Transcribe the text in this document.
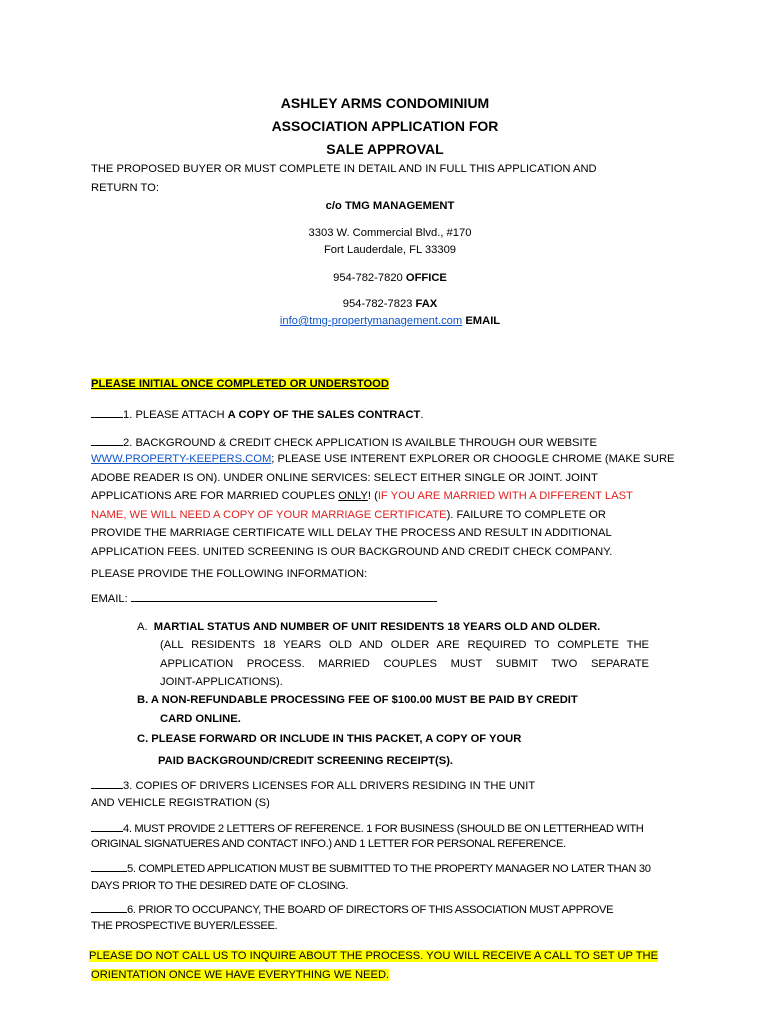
ASHLEY ARMS CONDOMINIUM
ASSOCIATION APPLICATION FOR
SALE APPROVAL
THE PROPOSED BUYER OR MUST COMPLETE IN DETAIL AND IN FULL THIS APPLICATION AND
RETURN TO:
c/o TMG MANAGEMENT
3303 W. Commercial Blvd., #170
Fort Lauderdale, FL 33309
954-782-7820 OFFICE
954-782-7823 FAX
info@tmg-propertymanagement.com EMAIL
PLEASE INITIAL ONCE COMPLETED OR UNDERSTOOD
1. PLEASE ATTACH A COPY OF THE SALES CONTRACT.
2. BACKGROUND & CREDIT CHECK APPLICATION IS AVAILBLE THROUGH OUR WEBSITE
WWW.PROPERTY-KEEPERS.COM; PLEASE USE INTERENT EXPLORER OR CHOOGLE CHROME (MAKE SURE
ADOBE READER IS ON). UNDER ONLINE SERVICES: SELECT EITHER SINGLE OR JOINT. JOINT
APPLICATIONS ARE FOR MARRIED COUPLES ONLY! (IF YOU ARE MARRIED WITH A DIFFERENT LAST
NAME, WE WILL NEED A COPY OF YOUR MARRIAGE CERTIFICATE). FAILURE TO COMPLETE OR
PROVIDE THE MARRIAGE CERTIFICATE WILL DELAY THE PROCESS AND RESULT IN ADDITIONAL
APPLICATION FEES. UNITED SCREENING IS OUR BACKGROUND AND CREDIT CHECK COMPANY.
PLEASE PROVIDE THE FOLLOWING INFORMATION:
EMAIL:
A. MARTIAL STATUS AND NUMBER OF UNIT RESIDENTS 18 YEARS OLD AND OLDER.
(ALL RESIDENTS 18 YEARS OLD AND OLDER ARE REQUIRED TO COMPLETE THE
APPLICATION PROCESS. MARRIED COUPLES MUST SUBMIT TWO SEPARATE
JOINT-APPLICATIONS).
B. A NON-REFUNDABLE PROCESSING FEE OF $100.00 MUST BE PAID BY CREDIT
CARD ONLINE.
C. PLEASE FORWARD OR INCLUDE IN THIS PACKET, A COPY OF YOUR
PAID BACKGROUND/CREDIT SCREENING RECEIPT(S).
3. COPIES OF DRIVERS LICENSES FOR ALL DRIVERS RESIDING IN THE UNIT
AND VEHICLE REGISTRATION (S)
4. MUST PROVIDE 2 LETTERS OF REFERENCE. 1 FOR BUSINESS (SHOULD BE ON LETTERHEAD WITH
ORIGINAL SIGNATUERES AND CONTACT INFO.) AND 1 LETTER FOR PERSONAL REFERENCE.
5. COMPLETED APPLICATION MUST BE SUBMITTED TO THE PROPERTY MANAGER NO LATER THAN 30
DAYS PRIOR TO THE DESIRED DATE OF CLOSING.
6. PRIOR TO OCCUPANCY, THE BOARD OF DIRECTORS OF THIS ASSOCIATION MUST APPROVE
THE PROSPECTIVE BUYER/LESSEE.
PLEASE DO NOT CALL US TO INQUIRE ABOUT THE PROCESS. YOU WILL RECEIVE A CALL TO SET UP THE
ORIENTATION ONCE WE HAVE EVERYTHING WE NEED.
